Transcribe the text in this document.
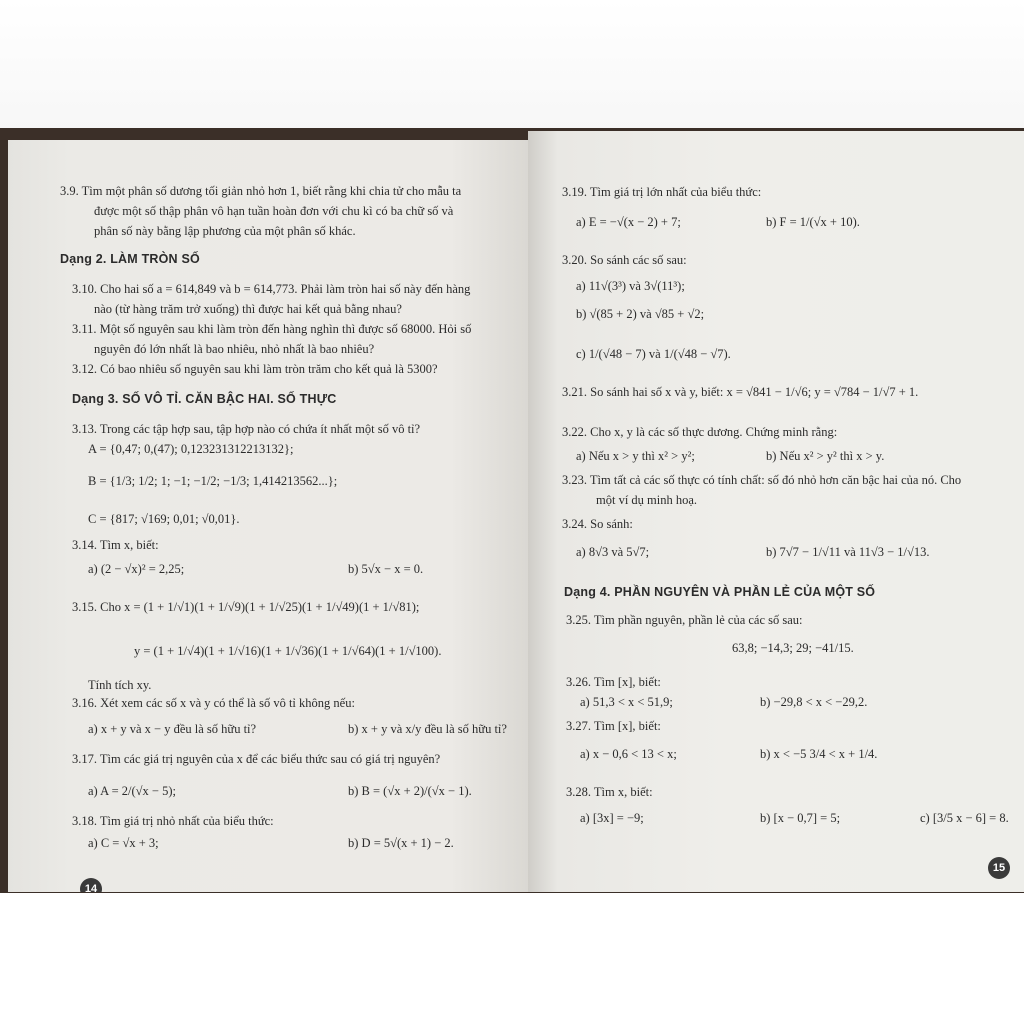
3.9. Tìm một phân số dương tối giản nhỏ hơn 1, biết rằng khi chia tử cho mẫu ta
được một số thập phân vô hạn tuần hoàn đơn với chu kì có ba chữ số và
phân số này bằng lập phương của một phân số khác.
Dạng 2. LÀM TRÒN SỐ
3.10. Cho hai số a = 614,849 và b = 614,773. Phải làm tròn hai số này đến hàng
nào (từ hàng trăm trở xuống) thì được hai kết quả bằng nhau?
3.11. Một số nguyên sau khi làm tròn đến hàng nghìn thì được số 68000. Hỏi số
nguyên đó lớn nhất là bao nhiêu, nhỏ nhất là bao nhiêu?
3.12. Có bao nhiêu số nguyên sau khi làm tròn trăm cho kết quả là 5300?
Dạng 3. SỐ VÔ TỈ. CĂN BẬC HAI. SỐ THỰC
3.13. Trong các tập hợp sau, tập hợp nào có chứa ít nhất một số vô tỉ?
A = {0,47; 0,(47); 0,123231312213132};
B = {1/3; 1/2; 1; −1; −1/2; −1/3; 1,414213562...};
C = {817; √169; 0,01; √0,01}.
3.14. Tìm x, biết:
a) (2 − √x)² = 2,25;	b) 5√x − x = 0.
3.15. Cho x = (1 + 1/√1)(1 + 1/√9)(1 + 1/√25)(1 + 1/√49)(1 + 1/√81);
y = (1 + 1/√4)(1 + 1/√16)(1 + 1/√36)(1 + 1/√64)(1 + 1/√100).
Tính tích xy.
3.16. Xét xem các số x và y có thể là số vô tỉ không nếu:
a) x + y và x − y đều là số hữu tỉ?	b) x + y và x/y đều là số hữu tỉ?
3.17. Tìm các giá trị nguyên của x để các biểu thức sau có giá trị nguyên?
a) A = 2/(√x − 5);	b) B = (√x + 2)/(√x − 1).
3.18. Tìm giá trị nhỏ nhất của biểu thức:
a) C = √x + 3;	b) D = 5√(x + 1) − 2.
14
3.19. Tìm giá trị lớn nhất của biểu thức:
a) E = −√(x − 2) + 7;	b) F = 1/(√x + 10).
3.20. So sánh các số sau:
a) 11√(3³) và 3√(11³);
b) √(85 + 2) và √85 + √2;
c) 1/(√48 − 7) và 1/(√48 − √7).
3.21. So sánh hai số x và y, biết: x = √841 − 1/√6; y = √784 − 1/√7 + 1.
3.22. Cho x, y là các số thực dương. Chứng minh rằng:
a) Nếu x > y thì x² > y²;	b) Nếu x² > y² thì x > y.
3.23. Tìm tất cả các số thực có tính chất: số đó nhỏ hơn căn bậc hai của nó. Cho
một ví dụ minh hoạ.
3.24. So sánh:
a) 8√3 và 5√7;	b) 7√7 − 1/√11 và 11√3 − 1/√13.
Dạng 4. PHẦN NGUYÊN VÀ PHẦN LẺ CỦA MỘT SỐ
3.25. Tìm phần nguyên, phần lẻ của các số sau:
63,8; −14,3; 29; −41/15.
3.26. Tìm [x], biết:
a) 51,3 < x < 51,9;	b) −29,8 < x < −29,2.
3.27. Tìm [x], biết:
a) x − 0,6 < 13 < x;	b) x < −5 3/4 < x + 1/4.
3.28. Tìm x, biết:
a) [3x] = −9;	b) [x − 0,7] = 5;	c) [3/5 x − 6] = 8.
15
